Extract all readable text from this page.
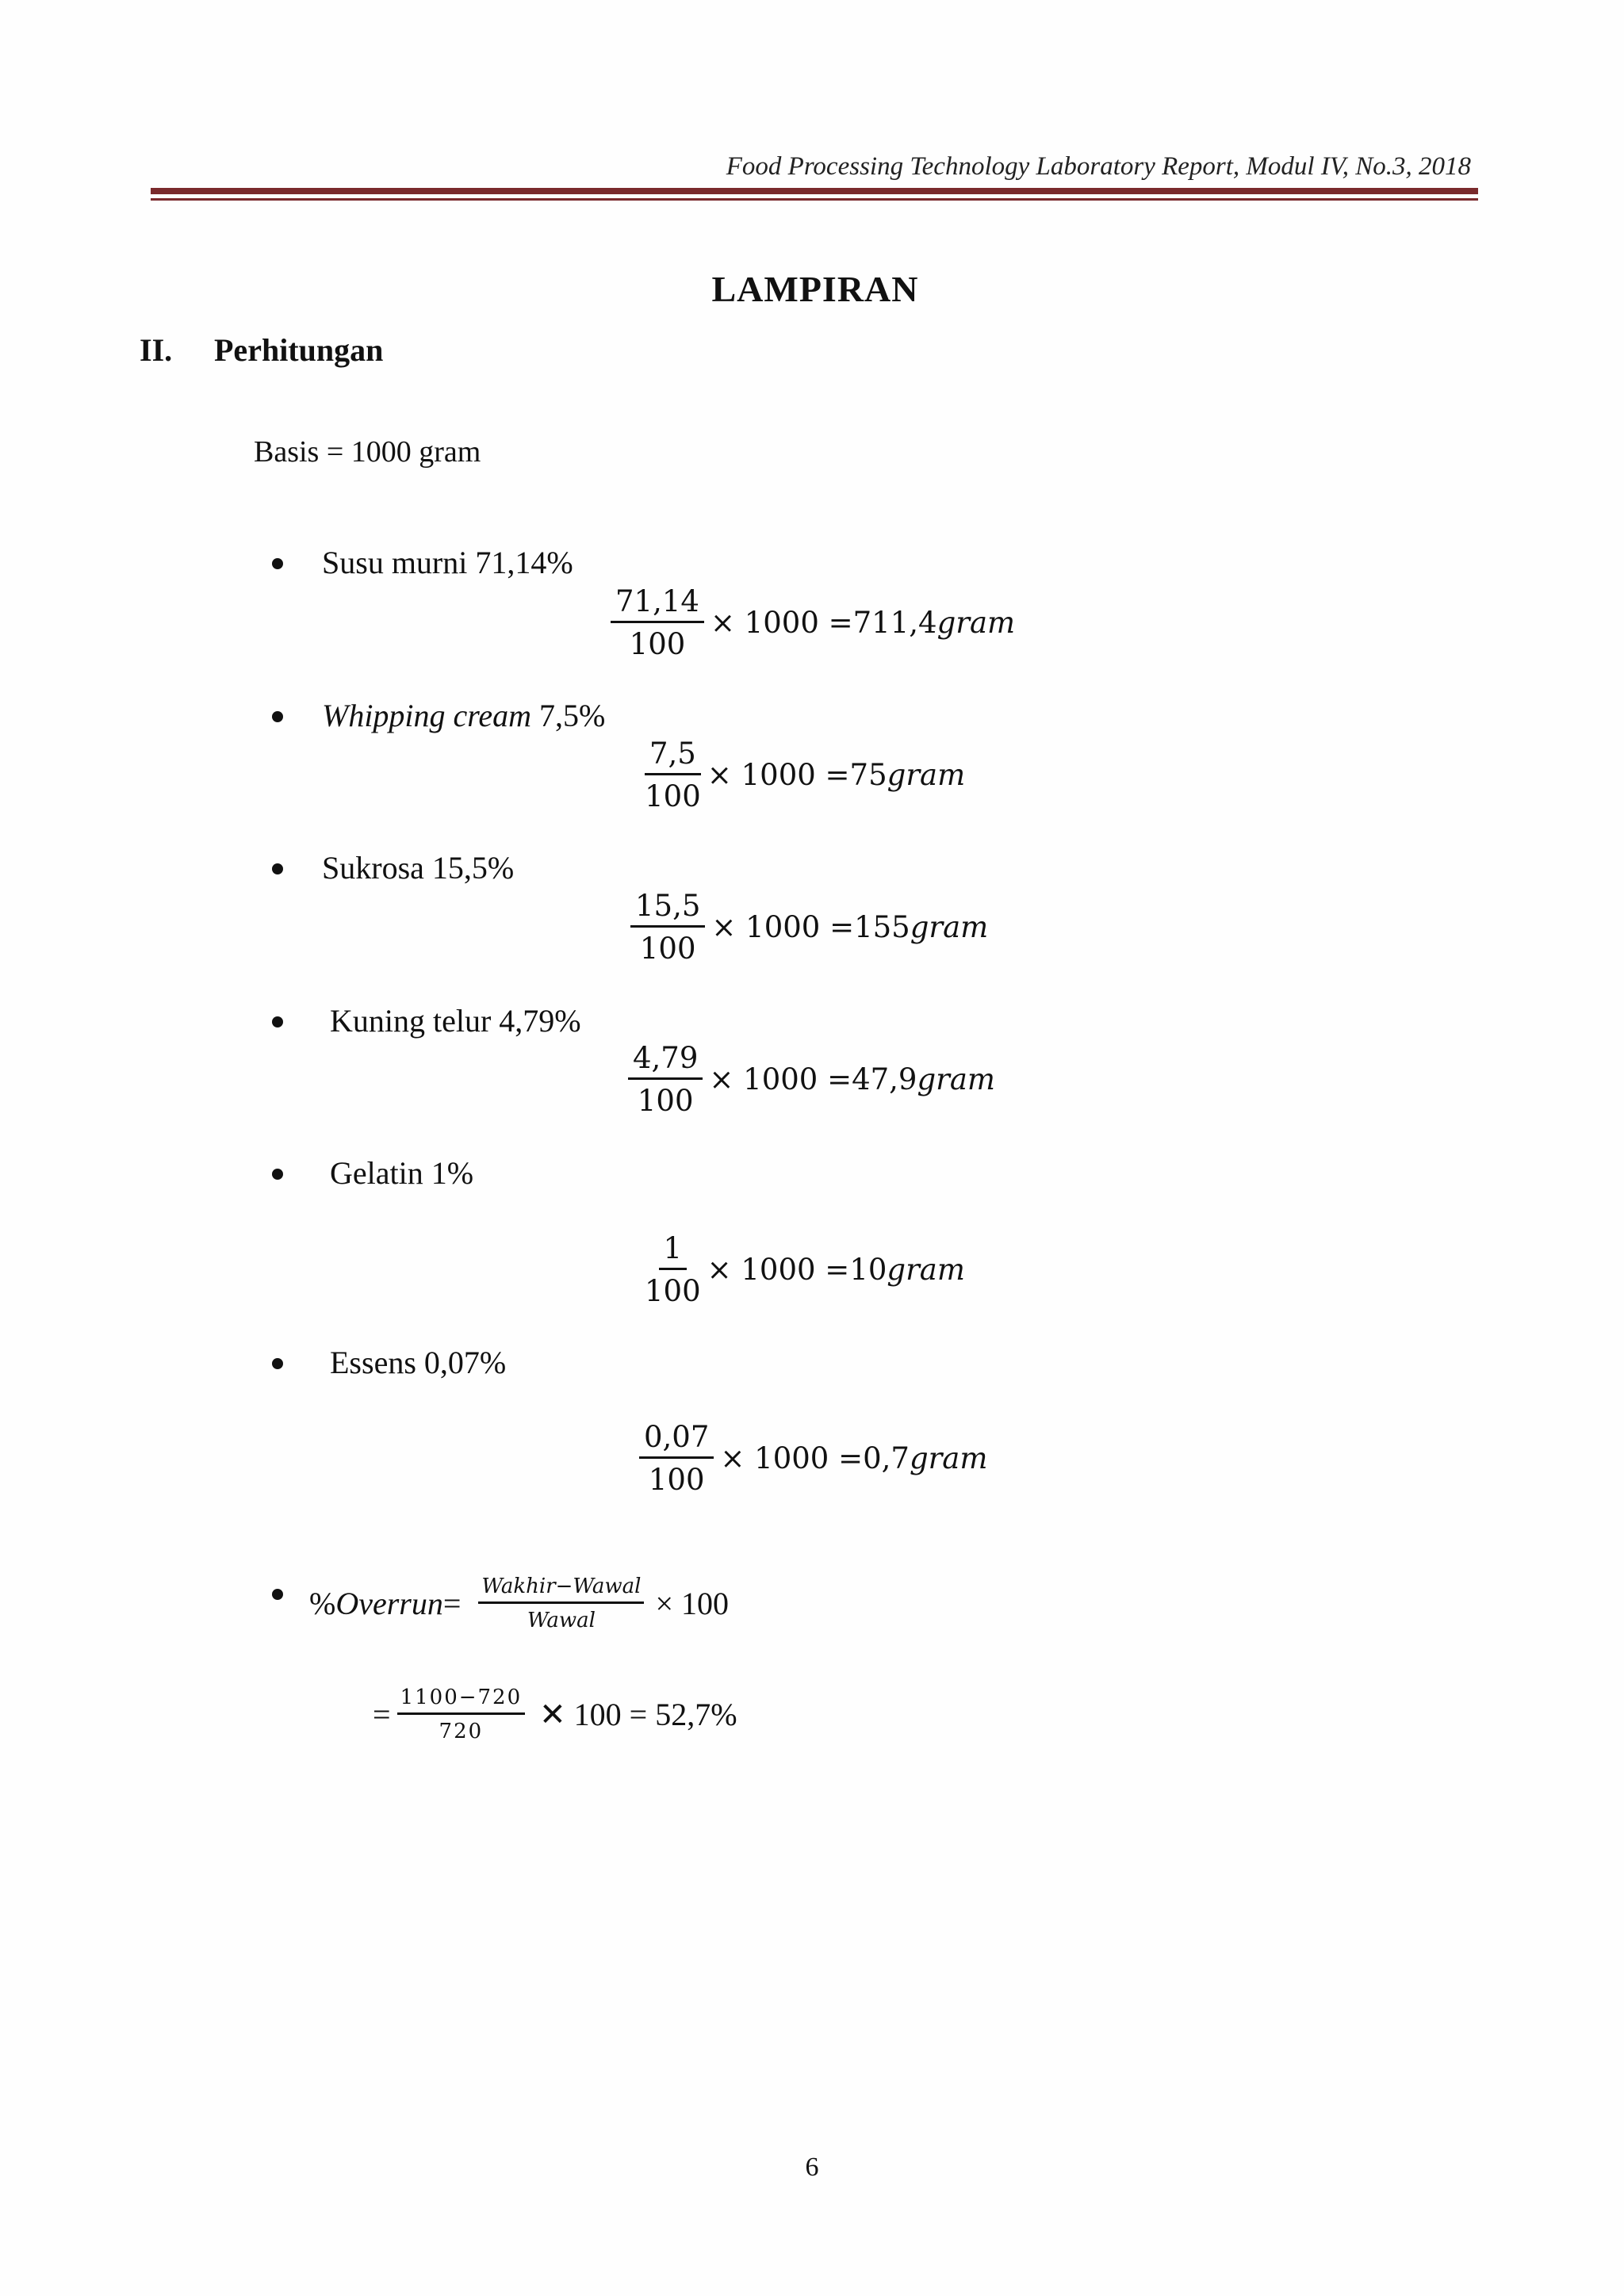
Food Processing Technology Laboratory Report, Modul IV, No.3, 2018
LAMPIRAN
II. Perhitungan
Basis = 1000 gram
Susu murni 71,14%
$\frac{71,14}{100} \times 1000 = 711,4$ gram
Whipping cream 7,5%
$\frac{7,5}{100} \times 1000 = 75$ gram
Sukrosa 15,5%
$\frac{15,5}{100} \times 1000 = 155$ gram
Kuning telur 4,79%
$\frac{4,79}{100} \times 1000 = 47,9$ gram
Gelatin 1%
$\frac{1}{100} \times 1000 = 10$ gram
Essens 0,07%
$\frac{0,07}{100} \times 1000 = 0,7$ gram
% Overrun = $\frac{\text{Wakhir−Wawal}}{\text{Wawal}} \times 100$
= $\frac{1100-720}{720}$ ✕ 100 = 52,7%
6
